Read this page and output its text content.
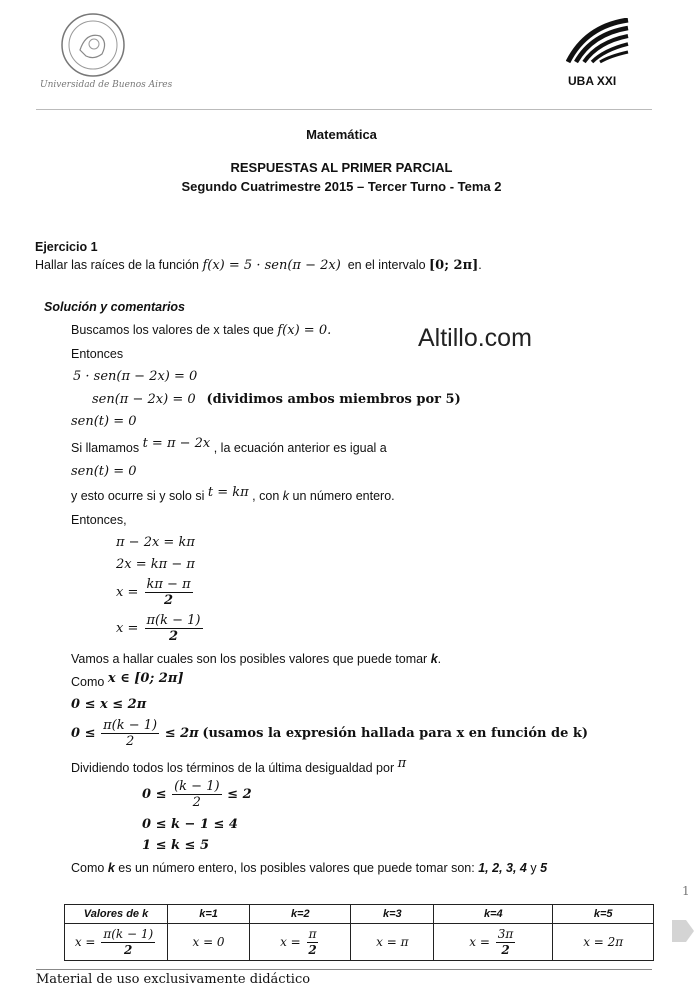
Universidad de Buenos Aires	UBA XXI
Matemática
RESPUESTAS AL PRIMER PARCIAL
Segundo Cuatrimestre 2015 – Tercer Turno - Tema 2
Ejercicio 1
Hallar las raíces de la función f(x) = 5 · sen(π − 2x) en el intervalo [0; 2π].
Altillo.com
Solución y comentarios
Buscamos los valores de x tales que f(x) = 0.
Entonces
5 · sen(π − 2x) = 0
sen(π − 2x) = 0 (dividimos ambos miembros por 5)
sen(t) = 0
Si llamamos t = π − 2x , la ecuación anterior es igual a
sen(t) = 0
y esto ocurre si y solo si t = kπ , con k un número entero.
Entonces,
π − 2x = kπ
2x = kπ − π
$x = \frac{k\pi - \pi}{2}$
$x = \frac{\pi(k - 1)}{2}$
Vamos a hallar cuales son los posibles valores que puede tomar k.
Como x ∈ [0; 2π]
0 ≤ x ≤ 2π
$0 \le \frac{\pi(k - 1)}{2} \le 2\pi$ (usamos la expresión hallada para x en función de k)
Dividiendo todos los términos de la última desigualdad por π
$0 \le \frac{(k - 1)}{2} \le 2$
0 ≤ k − 1 ≤ 4
1 ≤ k ≤ 5
Como k es un número entero, los posibles valores que puede tomar son: 1, 2, 3, 4 y 5
1
Valores de k	k=1	k=2	k=3	k=4	k=5
$x = \frac{\pi(k - 1)}{2}$	x = 0	$x = \frac{\pi}{2}$	x = π	$x = \frac{3\pi}{2}$	x = 2π
Material de uso exclusivamente didáctico
